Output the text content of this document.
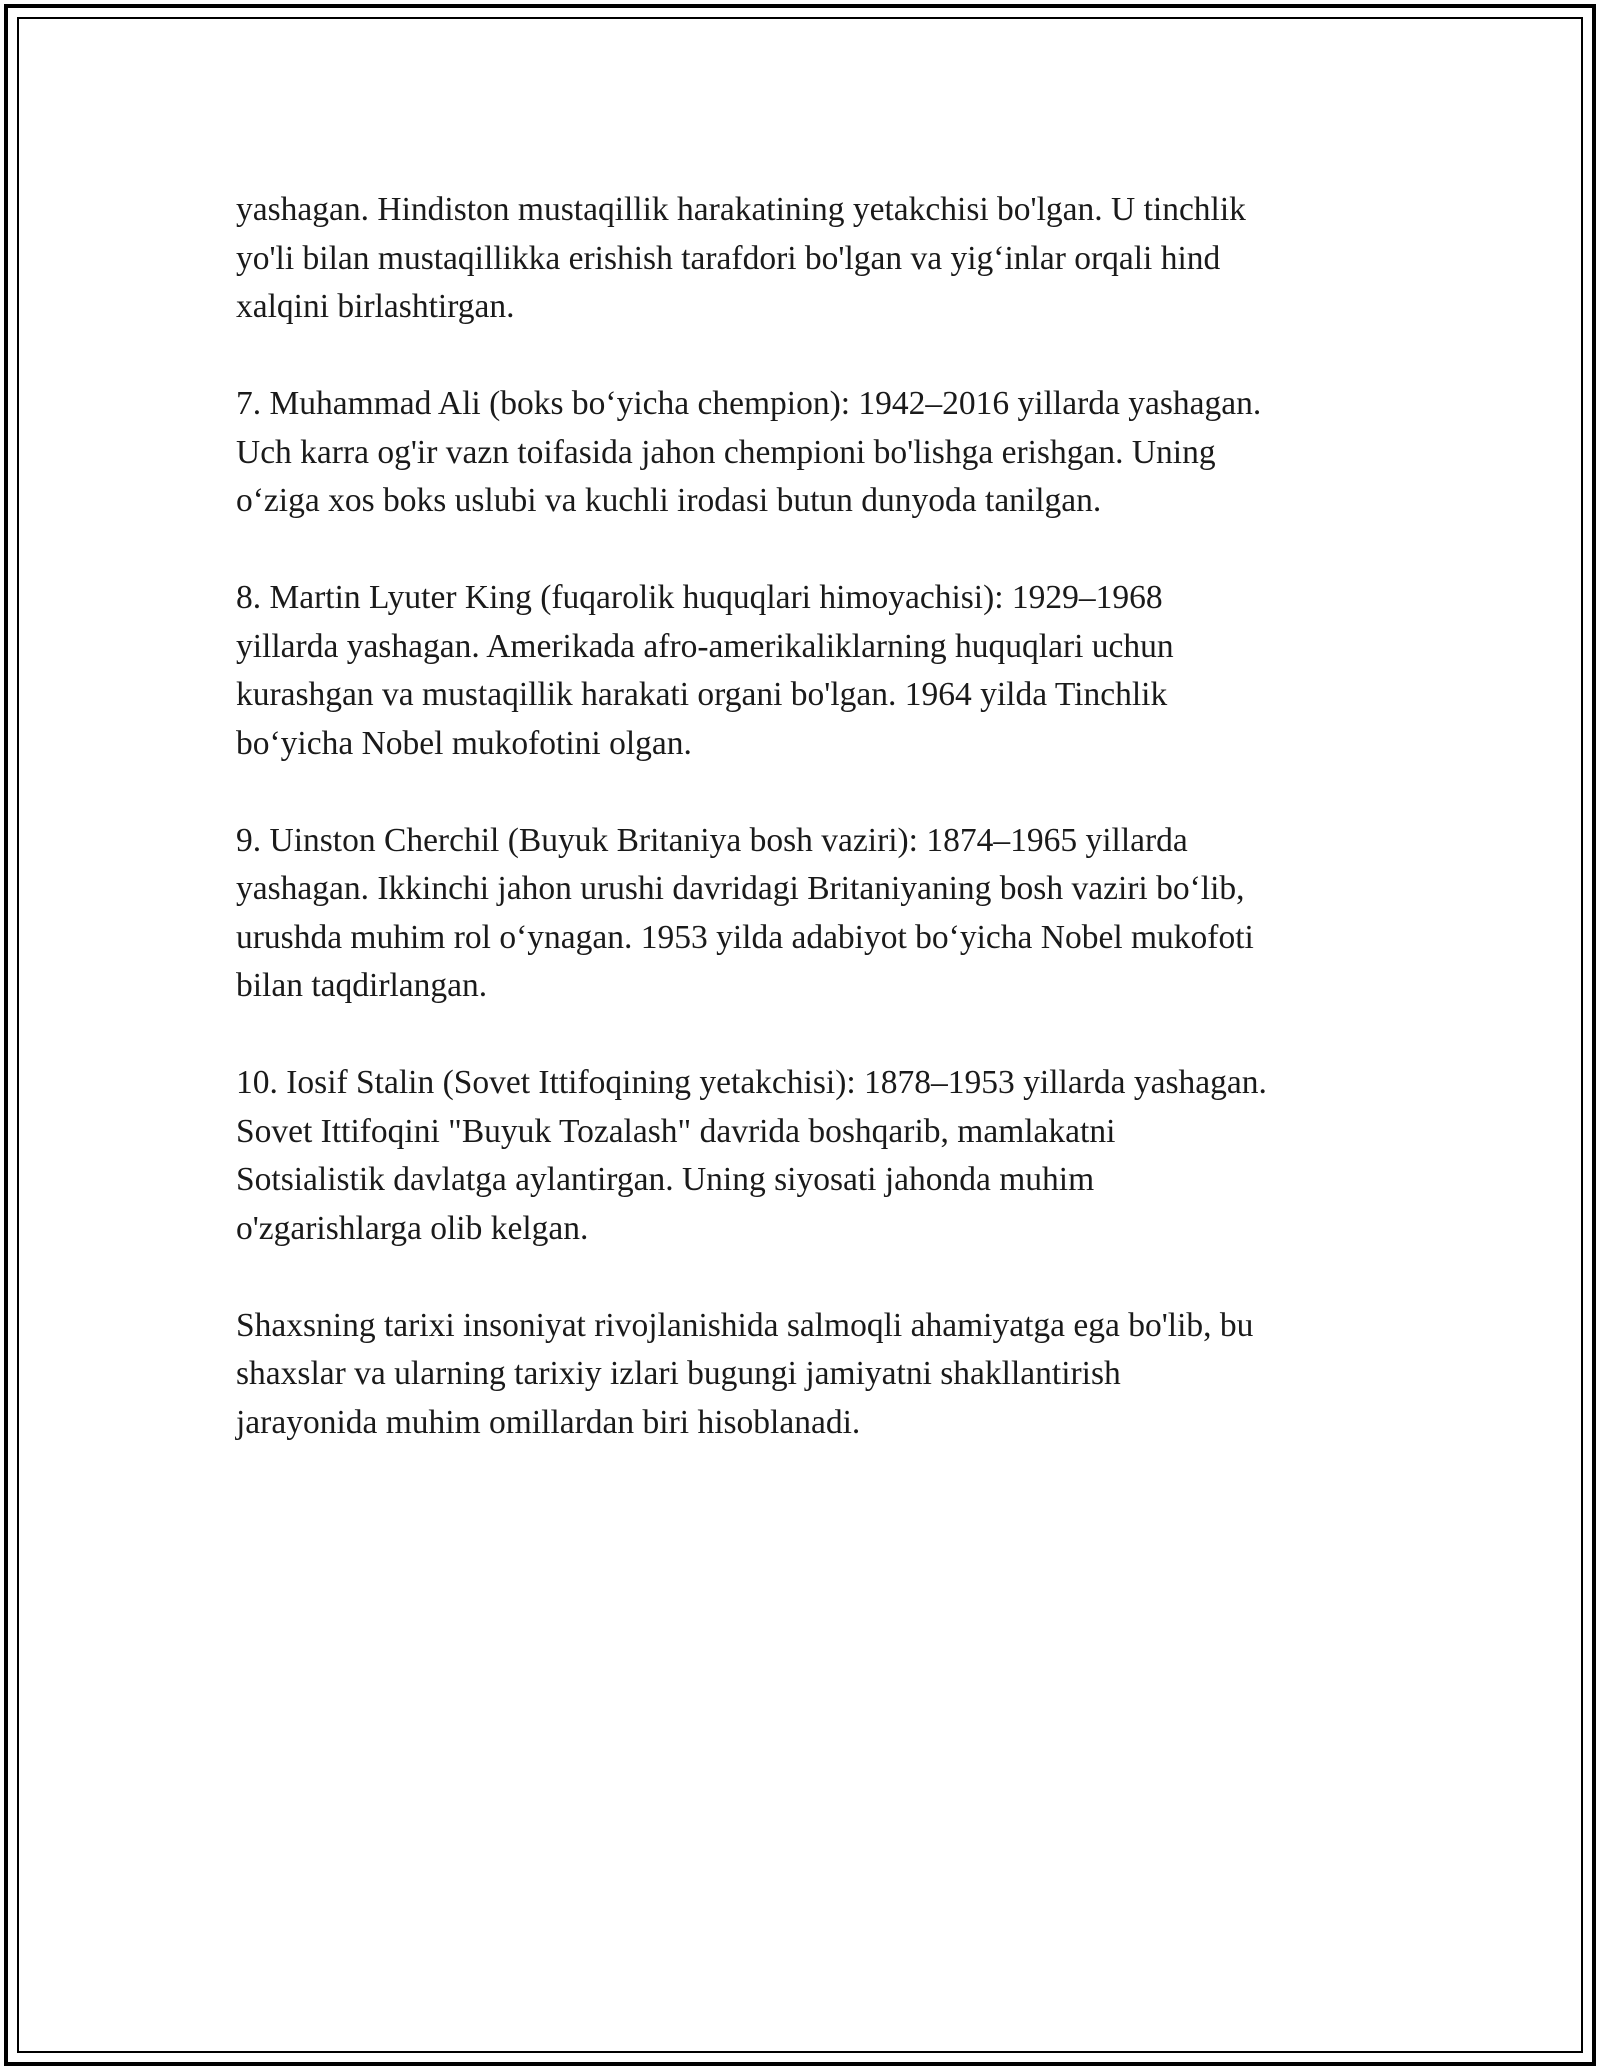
yashagan. Hindiston mustaqillik harakatining yetakchisi bo'lgan. U tinchlik
yo'li bilan mustaqillikka erishish tarafdori bo'lgan va yig‘inlar orqali hind
xalqini birlashtirgan.

7. Muhammad Ali (boks bo‘yicha chempion): 1942–2016 yillarda yashagan.
Uch karra og'ir vazn toifasida jahon chempioni bo'lishga erishgan. Uning
o‘ziga xos boks uslubi va kuchli irodasi butun dunyoda tanilgan.

8. Martin Lyuter King (fuqarolik huquqlari himoyachisi): 1929–1968
yillarda yashagan. Amerikada afro-amerikaliklarning huquqlari uchun
kurashgan va mustaqillik harakati organi bo'lgan. 1964 yilda Tinchlik
bo‘yicha Nobel mukofotini olgan.

9. Uinston Cherchil (Buyuk Britaniya bosh vaziri): 1874–1965 yillarda
yashagan. Ikkinchi jahon urushi davridagi Britaniyaning bosh vaziri bo‘lib,
urushda muhim rol o‘ynagan. 1953 yilda adabiyot bo‘yicha Nobel mukofoti
bilan taqdirlangan.

10. Iosif Stalin (Sovet Ittifoqining yetakchisi): 1878–1953 yillarda yashagan.
Sovet Ittifoqini "Buyuk Tozalash" davrida boshqarib, mamlakatni
Sotsialistik davlatga aylantirgan. Uning siyosati jahonda muhim
o'zgarishlarga olib kelgan.

Shaxsning tarixi insoniyat rivojlanishida salmoqli ahamiyatga ega bo'lib, bu
shaxslar va ularning tarixiy izlari bugungi jamiyatni shakllantirish
jarayonida muhim omillardan biri hisoblanadi.
